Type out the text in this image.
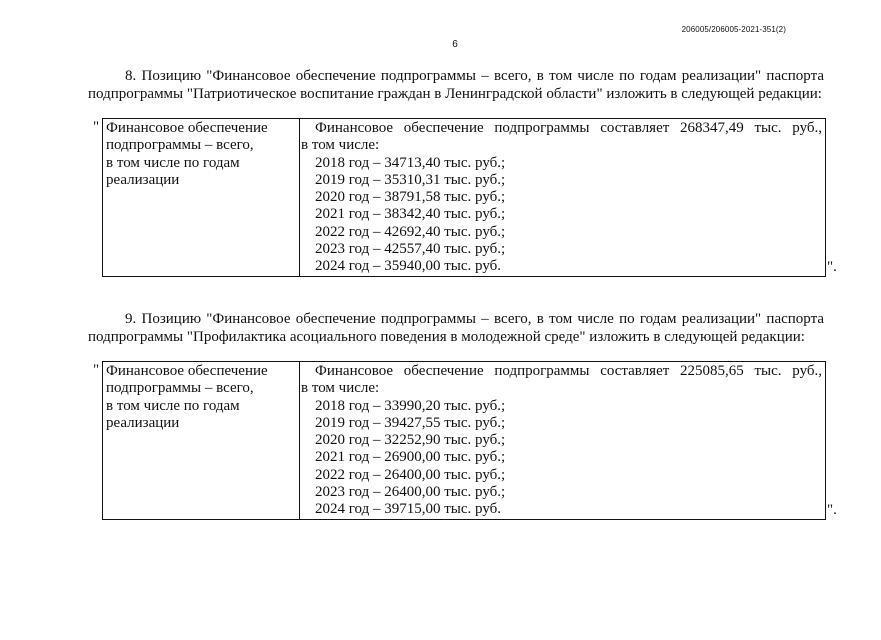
206005/206005-2021-351(2)
6

8. Позицию "Финансовое обеспечение подпрограммы – всего, в том числе по годам реализации" паспорта подпрограммы "Патриотическое воспитание граждан в Ленинградской области" изложить в следующей редакции:

" Финансовое обеспечение
подпрограммы – всего,
в том числе по годам
реализации

Финансовое обеспечение подпрограммы составляет 268347,49 тыс. руб.,
в том числе:
2018 год – 34713,40 тыс. руб.;
2019 год – 35310,31 тыс. руб.;
2020 год – 38791,58 тыс. руб.;
2021 год – 38342,40 тыс. руб.;
2022 год – 42692,40 тыс. руб.;
2023 год – 42557,40 тыс. руб.;
2024 год – 35940,00 тыс. руб.	".

9. Позицию "Финансовое обеспечение подпрограммы – всего, в том числе по годам реализации" паспорта подпрограммы "Профилактика асоциального поведения в молодежной среде" изложить в следующей редакции:

" Финансовое обеспечение
подпрограммы – всего,
в том числе по годам
реализации

Финансовое обеспечение подпрограммы составляет 225085,65 тыс. руб.,
в том числе:
2018 год – 33990,20 тыс. руб.;
2019 год – 39427,55 тыс. руб.;
2020 год – 32252,90 тыс. руб.;
2021 год – 26900,00 тыс. руб.;
2022 год – 26400,00 тыс. руб.;
2023 год – 26400,00 тыс. руб.;
2024 год – 39715,00 тыс. руб.	".
